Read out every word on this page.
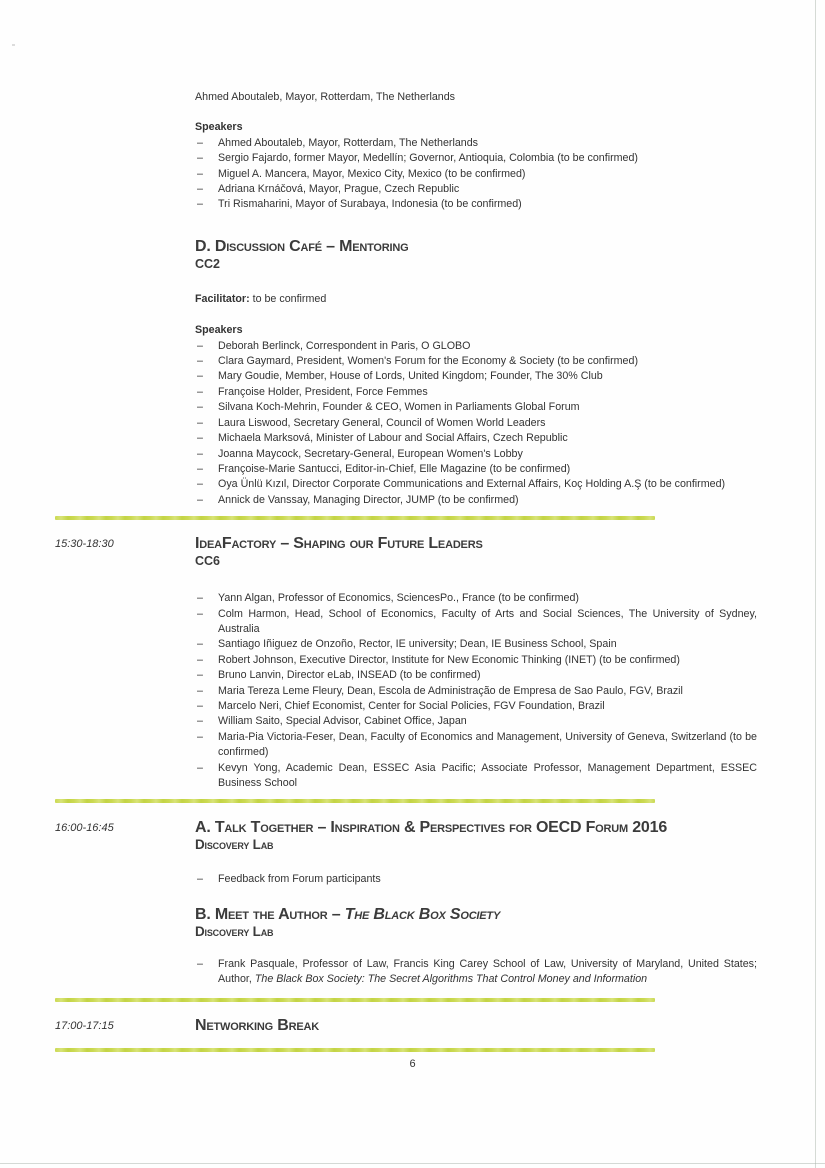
Ahmed Aboutaleb, Mayor, Rotterdam, The Netherlands
Speakers
– Ahmed Aboutaleb, Mayor, Rotterdam, The Netherlands
– Sergio Fajardo, former Mayor, Medellín; Governor, Antioquia, Colombia (to be confirmed)
– Miguel A. Mancera, Mayor, Mexico City, Mexico (to be confirmed)
– Adriana Krnáčová, Mayor, Prague, Czech Republic
– Tri Rismaharini, Mayor of Surabaya, Indonesia (to be confirmed)
D. Discussion Café – Mentoring
CC2
Facilitator: to be confirmed
Speakers
– Deborah Berlinck, Correspondent in Paris, O GLOBO
– Clara Gaymard, President, Women's Forum for the Economy & Society (to be confirmed)
– Mary Goudie, Member, House of Lords, United Kingdom; Founder, The 30% Club
– Françoise Holder, President, Force Femmes
– Silvana Koch-Mehrin, Founder & CEO, Women in Parliaments Global Forum
– Laura Liswood, Secretary General, Council of Women World Leaders
– Michaela Marksová, Minister of Labour and Social Affairs, Czech Republic
– Joanna Maycock, Secretary-General, European Women's Lobby
– Françoise-Marie Santucci, Editor-in-Chief, Elle Magazine (to be confirmed)
– Oya Ünlü Kızıl, Director Corporate Communications and External Affairs, Koç Holding A.Ş (to be confirmed)
– Annick de Vanssay, Managing Director, JUMP (to be confirmed)
15:30-18:30	IdeaFactory – Shaping our Future Leaders
CC6
– Yann Algan, Professor of Economics, SciencesPo., France (to be confirmed)
– Colm Harmon, Head, School of Economics, Faculty of Arts and Social Sciences, The University of Sydney, Australia
– Santiago Iñiguez de Onzoño, Rector, IE university; Dean, IE Business School, Spain
– Robert Johnson, Executive Director, Institute for New Economic Thinking (INET) (to be confirmed)
– Bruno Lanvin, Director eLab, INSEAD (to be confirmed)
– Maria Tereza Leme Fleury, Dean, Escola de Administração de Empresa de Sao Paulo, FGV, Brazil
– Marcelo Neri, Chief Economist, Center for Social Policies, FGV Foundation, Brazil
– William Saito, Special Advisor, Cabinet Office, Japan
– Maria-Pia Victoria-Feser, Dean, Faculty of Economics and Management, University of Geneva, Switzerland (to be confirmed)
– Kevyn Yong, Academic Dean, ESSEC Asia Pacific; Associate Professor, Management Department, ESSEC Business School
16:00-16:45	A. Talk Together – Inspiration & Perspectives for OECD Forum 2016
Discovery Lab
– Feedback from Forum participants
B. Meet the Author – The Black Box Society
Discovery Lab
– Frank Pasquale, Professor of Law, Francis King Carey School of Law, University of Maryland, United States; Author, The Black Box Society: The Secret Algorithms That Control Money and Information
17:00-17:15	Networking Break
6
